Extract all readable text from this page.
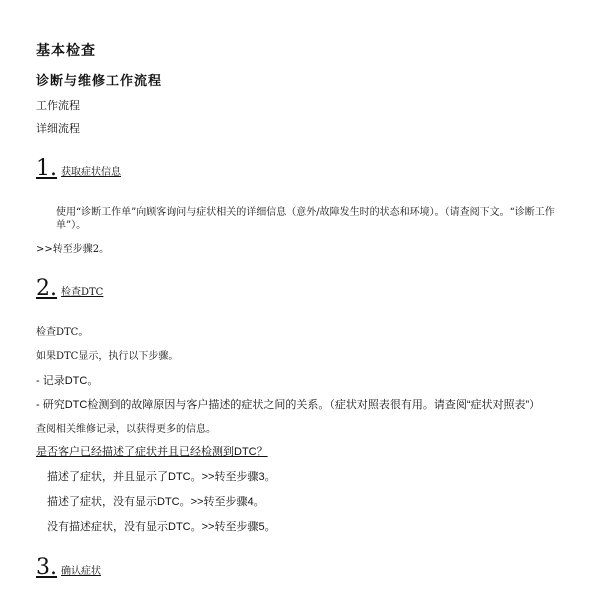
基本检查
诊断与维修工作流程
工作流程
详细流程
1. 获取症状信息
使用“诊断工作单”向顾客询问与症状相关的详细信息（意外/故障发生时的状态和环境）。（请查阅下文。“诊断工作单”）。
>>转至步骤2。
2. 检查DTC
检查DTC。
如果DTC显示，执行以下步骤。
- 记录DTC。
- 研究DTC检测到的故障原因与客户描述的症状之间的关系。（症状对照表很有用。请查阅“症状对照表”）
查阅相关维修记录，以获得更多的信息。
是否客户已经描述了症状并且已经检测到DTC？
描述了症状，并且显示了DTC。>>转至步骤3。
描述了症状，没有显示DTC。>>转至步骤4。
没有描述症状，没有显示DTC。>>转至步骤5。
3. 确认症状
